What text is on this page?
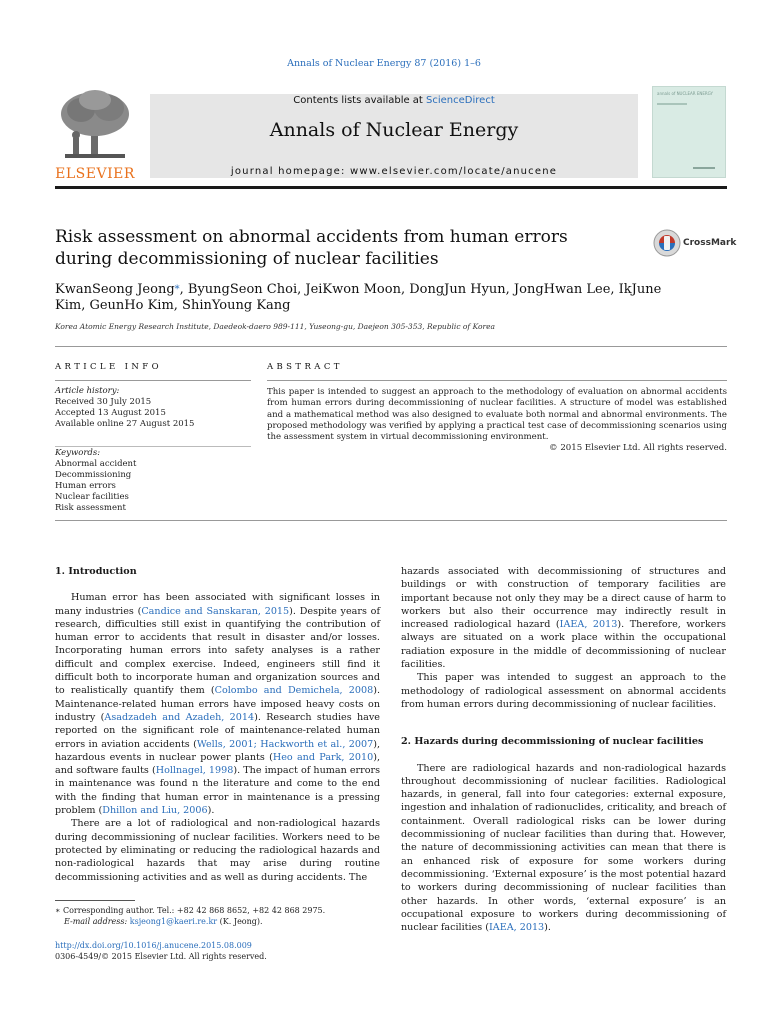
Annals of Nuclear Energy 87 (2016) 1–6
ELSEVIER
Contents lists available at ScienceDirect
Annals of Nuclear Energy
journal homepage: www.elsevier.com/locate/anucene
annals of NUCLEAR ENERGY
Risk assessment on abnormal accidents from human errors during decommissioning of nuclear facilities
CrossMark
KwanSeong Jeong*, ByungSeon Choi, JeiKwon Moon, DongJun Hyun, JongHwan Lee, IkJune Kim, GeunHo Kim, ShinYoung Kang
Korea Atomic Energy Research Institute, Daedeok-daero 989-111, Yuseong-gu, Daejeon 305-353, Republic of Korea
ARTICLE INFO	ABSTRACT
Article history:
Received 30 July 2015
Accepted 13 August 2015
Available online 27 August 2015
Keywords:
Abnormal accident
Decommissioning
Human errors
Nuclear facilities
Risk assessment
This paper is intended to suggest an approach to the methodology of evaluation on abnormal accidents from human errors during decommissioning of nuclear facilities. A structure of model was established and a mathematical method was also designed to evaluate both normal and abnormal environments. The proposed methodology was verified by applying a practical test case of decommissioning scenarios using the assessment system in virtual decommissioning environment.
© 2015 Elsevier Ltd. All rights reserved.
1. Introduction

Human error has been associated with significant losses in many industries (Candice and Sanskaran, 2015). Despite years of research, difficulties still exist in quantifying the contribution of human error to accidents that result in disaster and/or losses. Incorporating human errors into safety analyses is a rather difficult and complex exercise. Indeed, engineers still find it difficult both to incorporate human and organization sources and to realistically quantify them (Colombo and Demichela, 2008). Maintenance-related human errors have imposed heavy costs on industry (Asadzadeh and Azadeh, 2014). Research studies have reported on the significant role of maintenance-related human errors in aviation accidents (Wells, 2001; Hackworth et al., 2007), hazardous events in nuclear power plants (Heo and Park, 2010), and software faults (Hollnagel, 1998). The impact of human errors in maintenance was found n the literature and come to the end with the finding that human error in maintenance is a pressing problem (Dhillon and Liu, 2006).

There are a lot of radiological and non-radiological hazards during decommissioning of nuclear facilities. Workers need to be protected by eliminating or reducing the radiological hazards and non-radiological hazards that may arise during routine decommissioning activities and as well as during accidents. The

hazards associated with decommissioning of structures and buildings or with construction of temporary facilities are important because not only they may be a direct cause of harm to workers but also their occurrence may indirectly result in increased radiological hazard (IAEA, 2013). Therefore, workers always are situated on a work place within the occupational radiation exposure in the middle of decommissioning of nuclear facilities.

This paper was intended to suggest an approach to the methodology of radiological assessment on abnormal accidents from human errors during decommissioning of nuclear facilities.

2. Hazards during decommissioning of nuclear facilities

There are radiological hazards and non-radiological hazards throughout decommissioning of nuclear facilities. Radiological hazards, in general, fall into four categories: external exposure, ingestion and inhalation of radionuclides, criticality, and breach of containment. Overall radiological risks can be lower during decommissioning of nuclear facilities than during that. However, the nature of decommissioning activities can mean that there is an enhanced risk of exposure for some workers during decommissioning. ‘External exposure’ is the most potential hazard to workers during decommissioning of nuclear facilities than other hazards. In other words, ‘external exposure’ is an occupational exposure to workers during decommissioning of nuclear facilities (IAEA, 2013).

∗ Corresponding author. Tel.: +82 42 868 8652, +82 42 868 2975.
E-mail address: ksjeong1@kaeri.re.kr (K. Jeong).
http://dx.doi.org/10.1016/j.anucene.2015.08.009
0306-4549/© 2015 Elsevier Ltd. All rights reserved.
